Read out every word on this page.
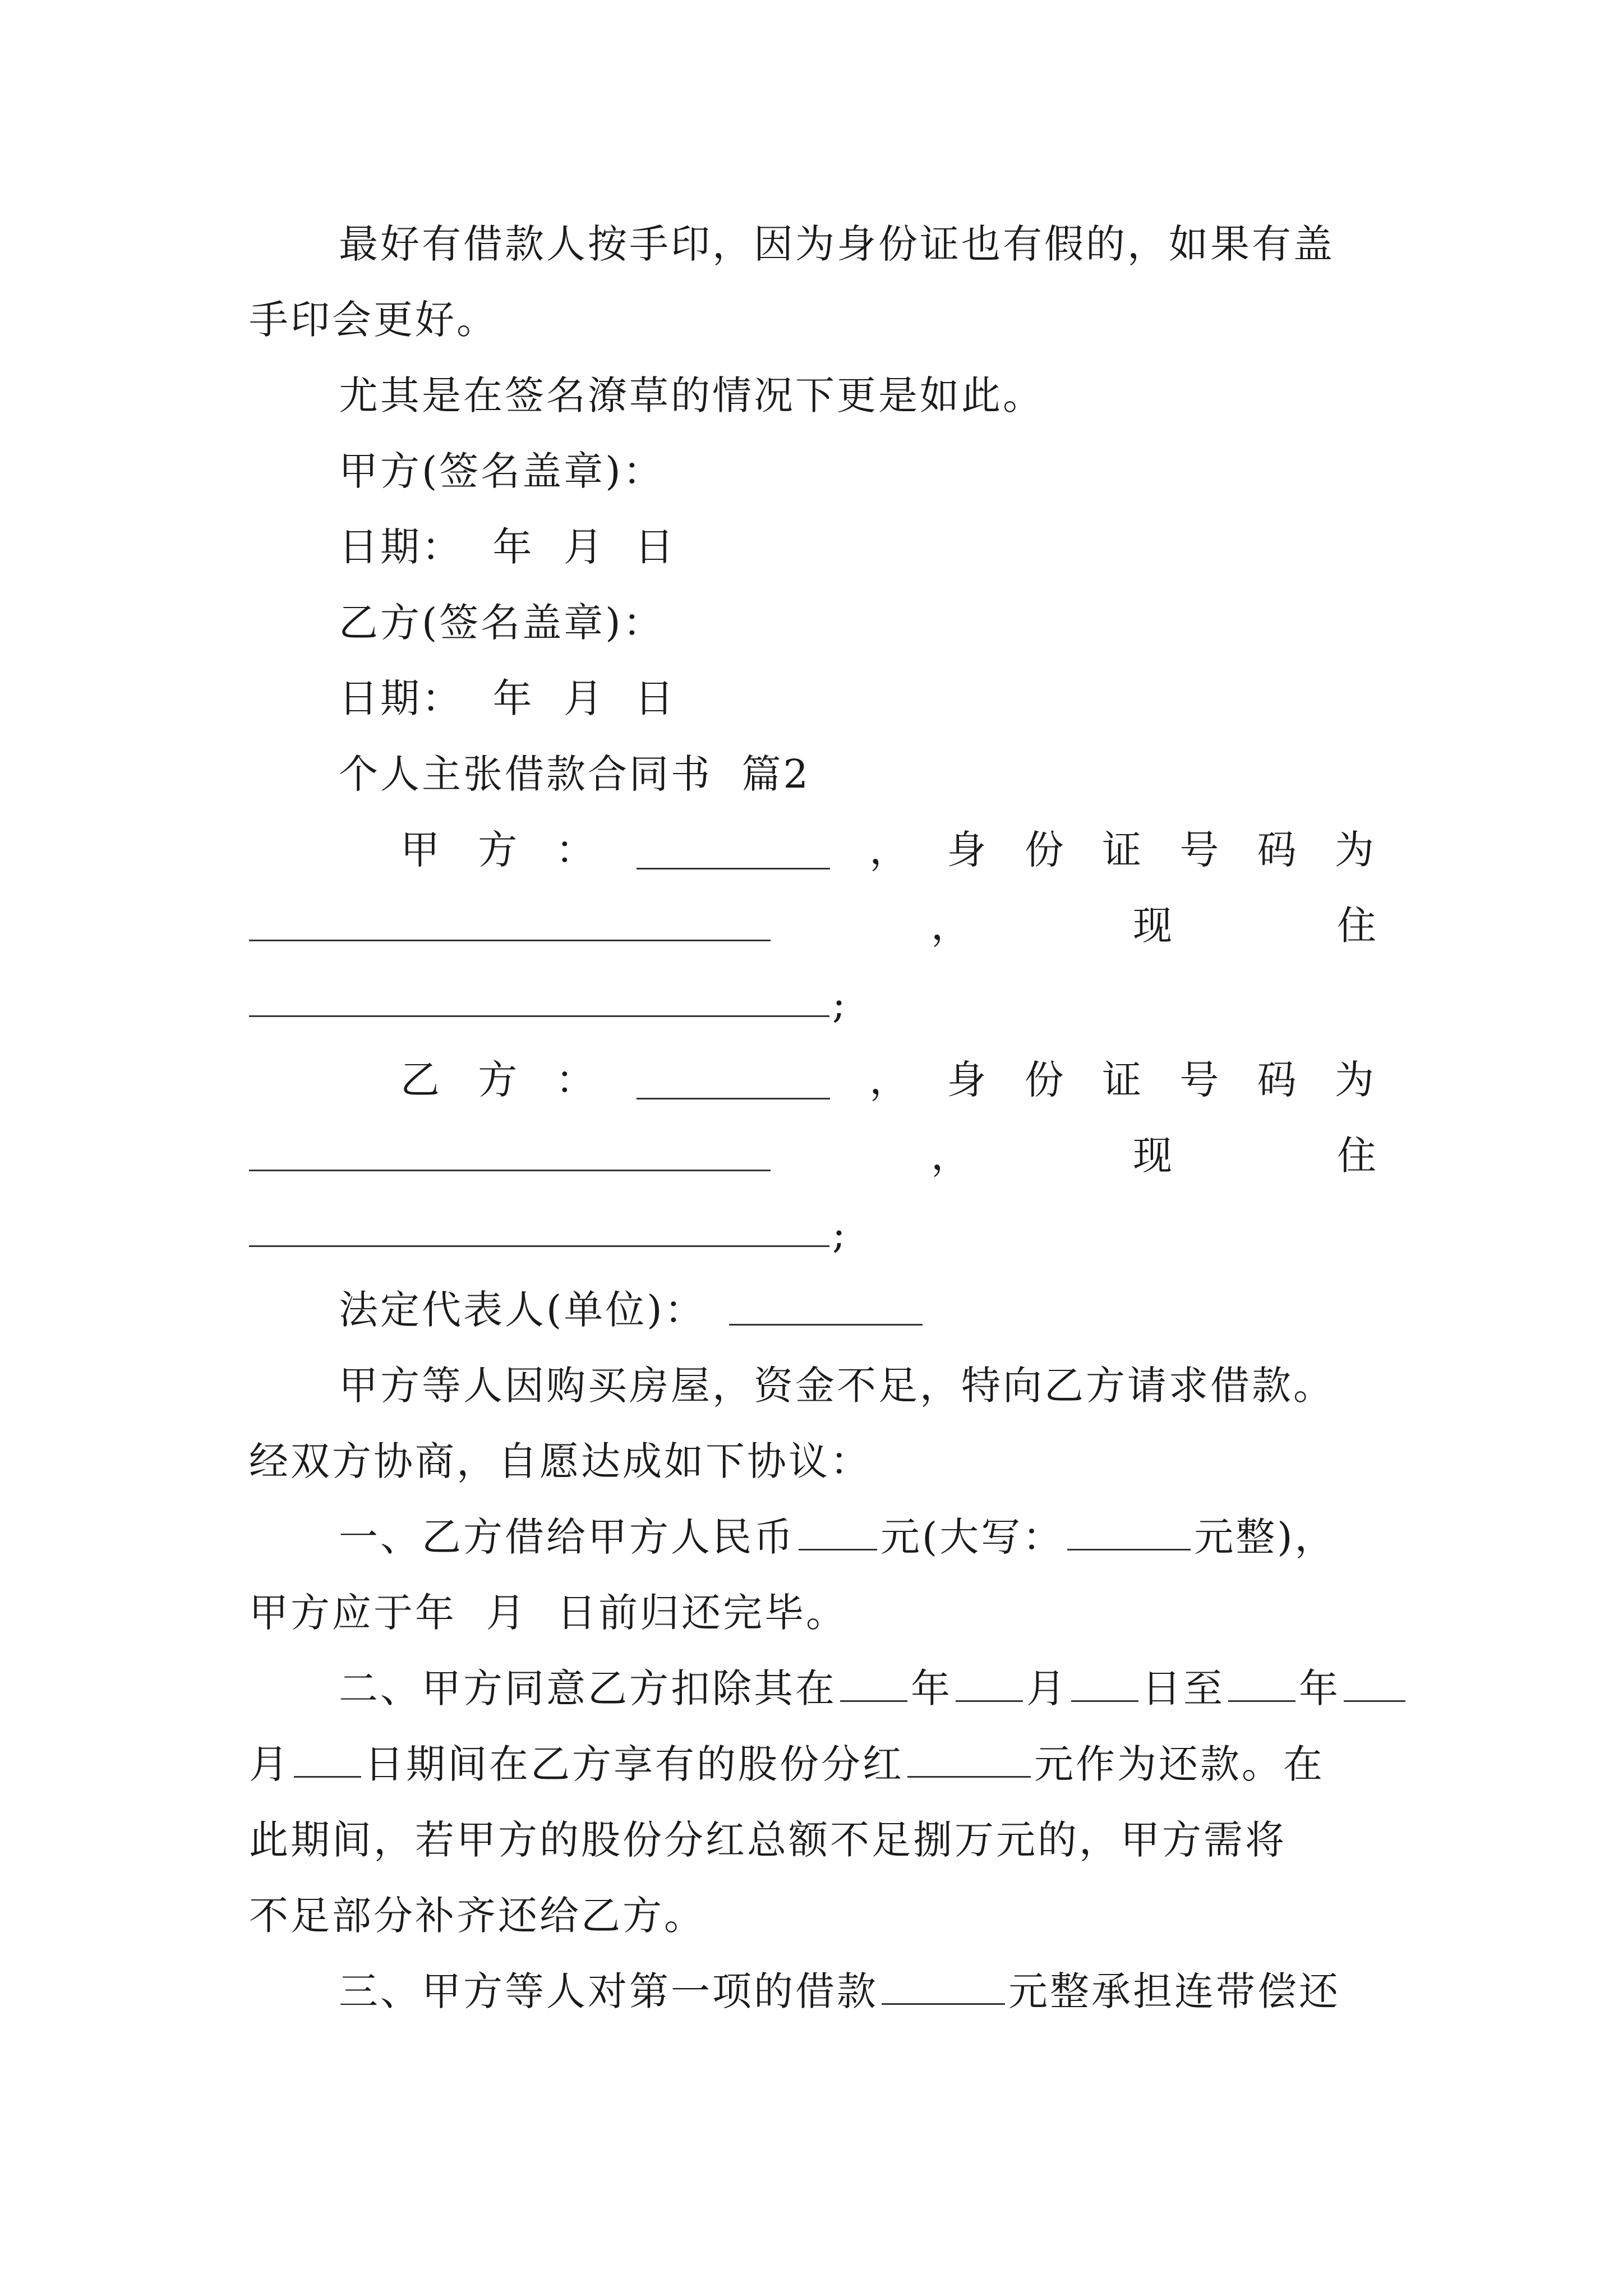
最好有借款人按手印，因为身份证也有假的，如果有盖
手印会更好。
尤其是在签名潦草的情况下更是如此。
甲方(签名盖章)：
日期：  年  月  日
乙方(签名盖章)：
日期：  年  月  日
个人主张借款合同书  篇2
甲 方 ：	， 身 份 证 号 码 为
，	现	住
;
乙 方 ：	， 身 份 证 号 码 为
，	现	住
;
法定代表人(单位)：
甲方等人因购买房屋，资金不足，特向乙方请求借款。
经双方协商，自愿达成如下协议：
一、乙方借给甲方人民币 元(大写：	元整)，
甲方应于年  月  日前归还完毕。
二、甲方同意乙方扣除其在 年 月 日至 年
月 日期间在乙方享有的股份分红	元作为还款。在
此期间，若甲方的股份分红总额不足捌万元的，甲方需将
不足部分补齐还给乙方。
三、甲方等人对第一项的借款	元整承担连带偿还
